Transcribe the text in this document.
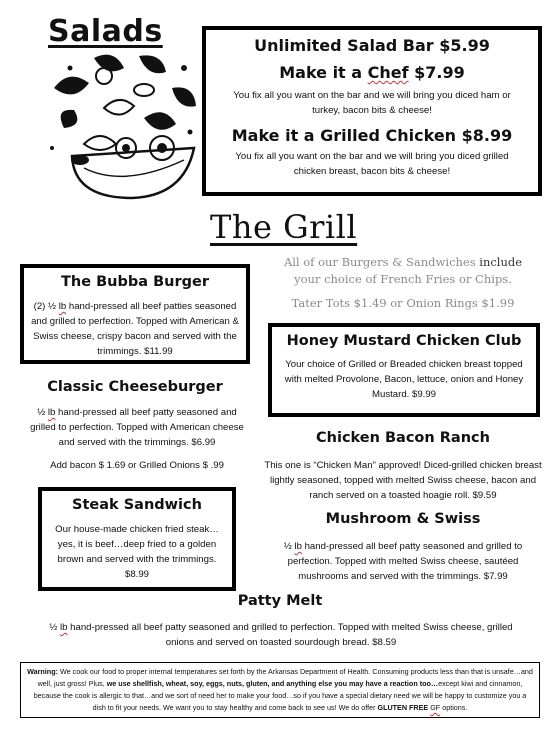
Salads	Unlimited Salad Bar $5.99
Make it a Chef $7.99
You fix all you want on the bar and we will bring you diced ham or turkey, bacon bits & cheese!
Make it a Grilled Chicken $8.99
You fix all you want on the bar and we will bring you diced grilled chicken breast, bacon bits & cheese!
The Grill
All of our Burgers & Sandwiches include
your choice of French Fries or Chips.
Tater Tots $1.49 or Onion Rings $1.99
The Bubba Burger
(2) ½ lb hand-pressed all beef patties seasoned and grilled to perfection. Topped with American & Swiss cheese, crispy bacon and served with the trimmings. $11.99
Honey Mustard Chicken Club
Your choice of Grilled or Breaded chicken breast topped with melted Provolone, Bacon, lettuce, onion and Honey Mustard. $9.99
Classic Cheeseburger
½ lb hand-pressed all beef patty seasoned and grilled to perfection. Topped with American cheese and served with the trimmings. $6.99
Add bacon $ 1.69 or Grilled Onions $ .99
Chicken Bacon Ranch
This one is “Chicken Man” approved! Diced-grilled chicken breast lightly seasoned, topped with melted Swiss cheese, bacon and ranch served on a toasted hoagie roll. $9.59
Steak Sandwich
Our house-made chicken fried steak…yes, it is beef…deep fried to a golden brown and served with the trimmings. $8.99
Mushroom & Swiss
½ lb hand-pressed all beef patty seasoned and grilled to perfection. Topped with melted Swiss cheese, sautéed mushrooms and served with the trimmings. $7.99
Patty Melt
½ lb hand-pressed all beef patty seasoned and grilled to perfection. Topped with melted Swiss cheese, grilled onions and served on toasted sourdough bread. $8.59
Warning: We cook our food to proper internal temperatures set forth by the Arkansas Department of Health. Consuming products less than that is unsafe…and well, just gross! Plus, we use shellfish, wheat, soy, eggs, nuts, gluten, and anything else you may have a reaction too…except kiwi and cinnamon, because the cook is allergic to that…and we sort of need her to make your food…so if you have a special dietary need we will be happy to customize you a dish to fit your needs. We want you to stay healthy and come back to see us! We do offer GLUTEN FREE GF options.
